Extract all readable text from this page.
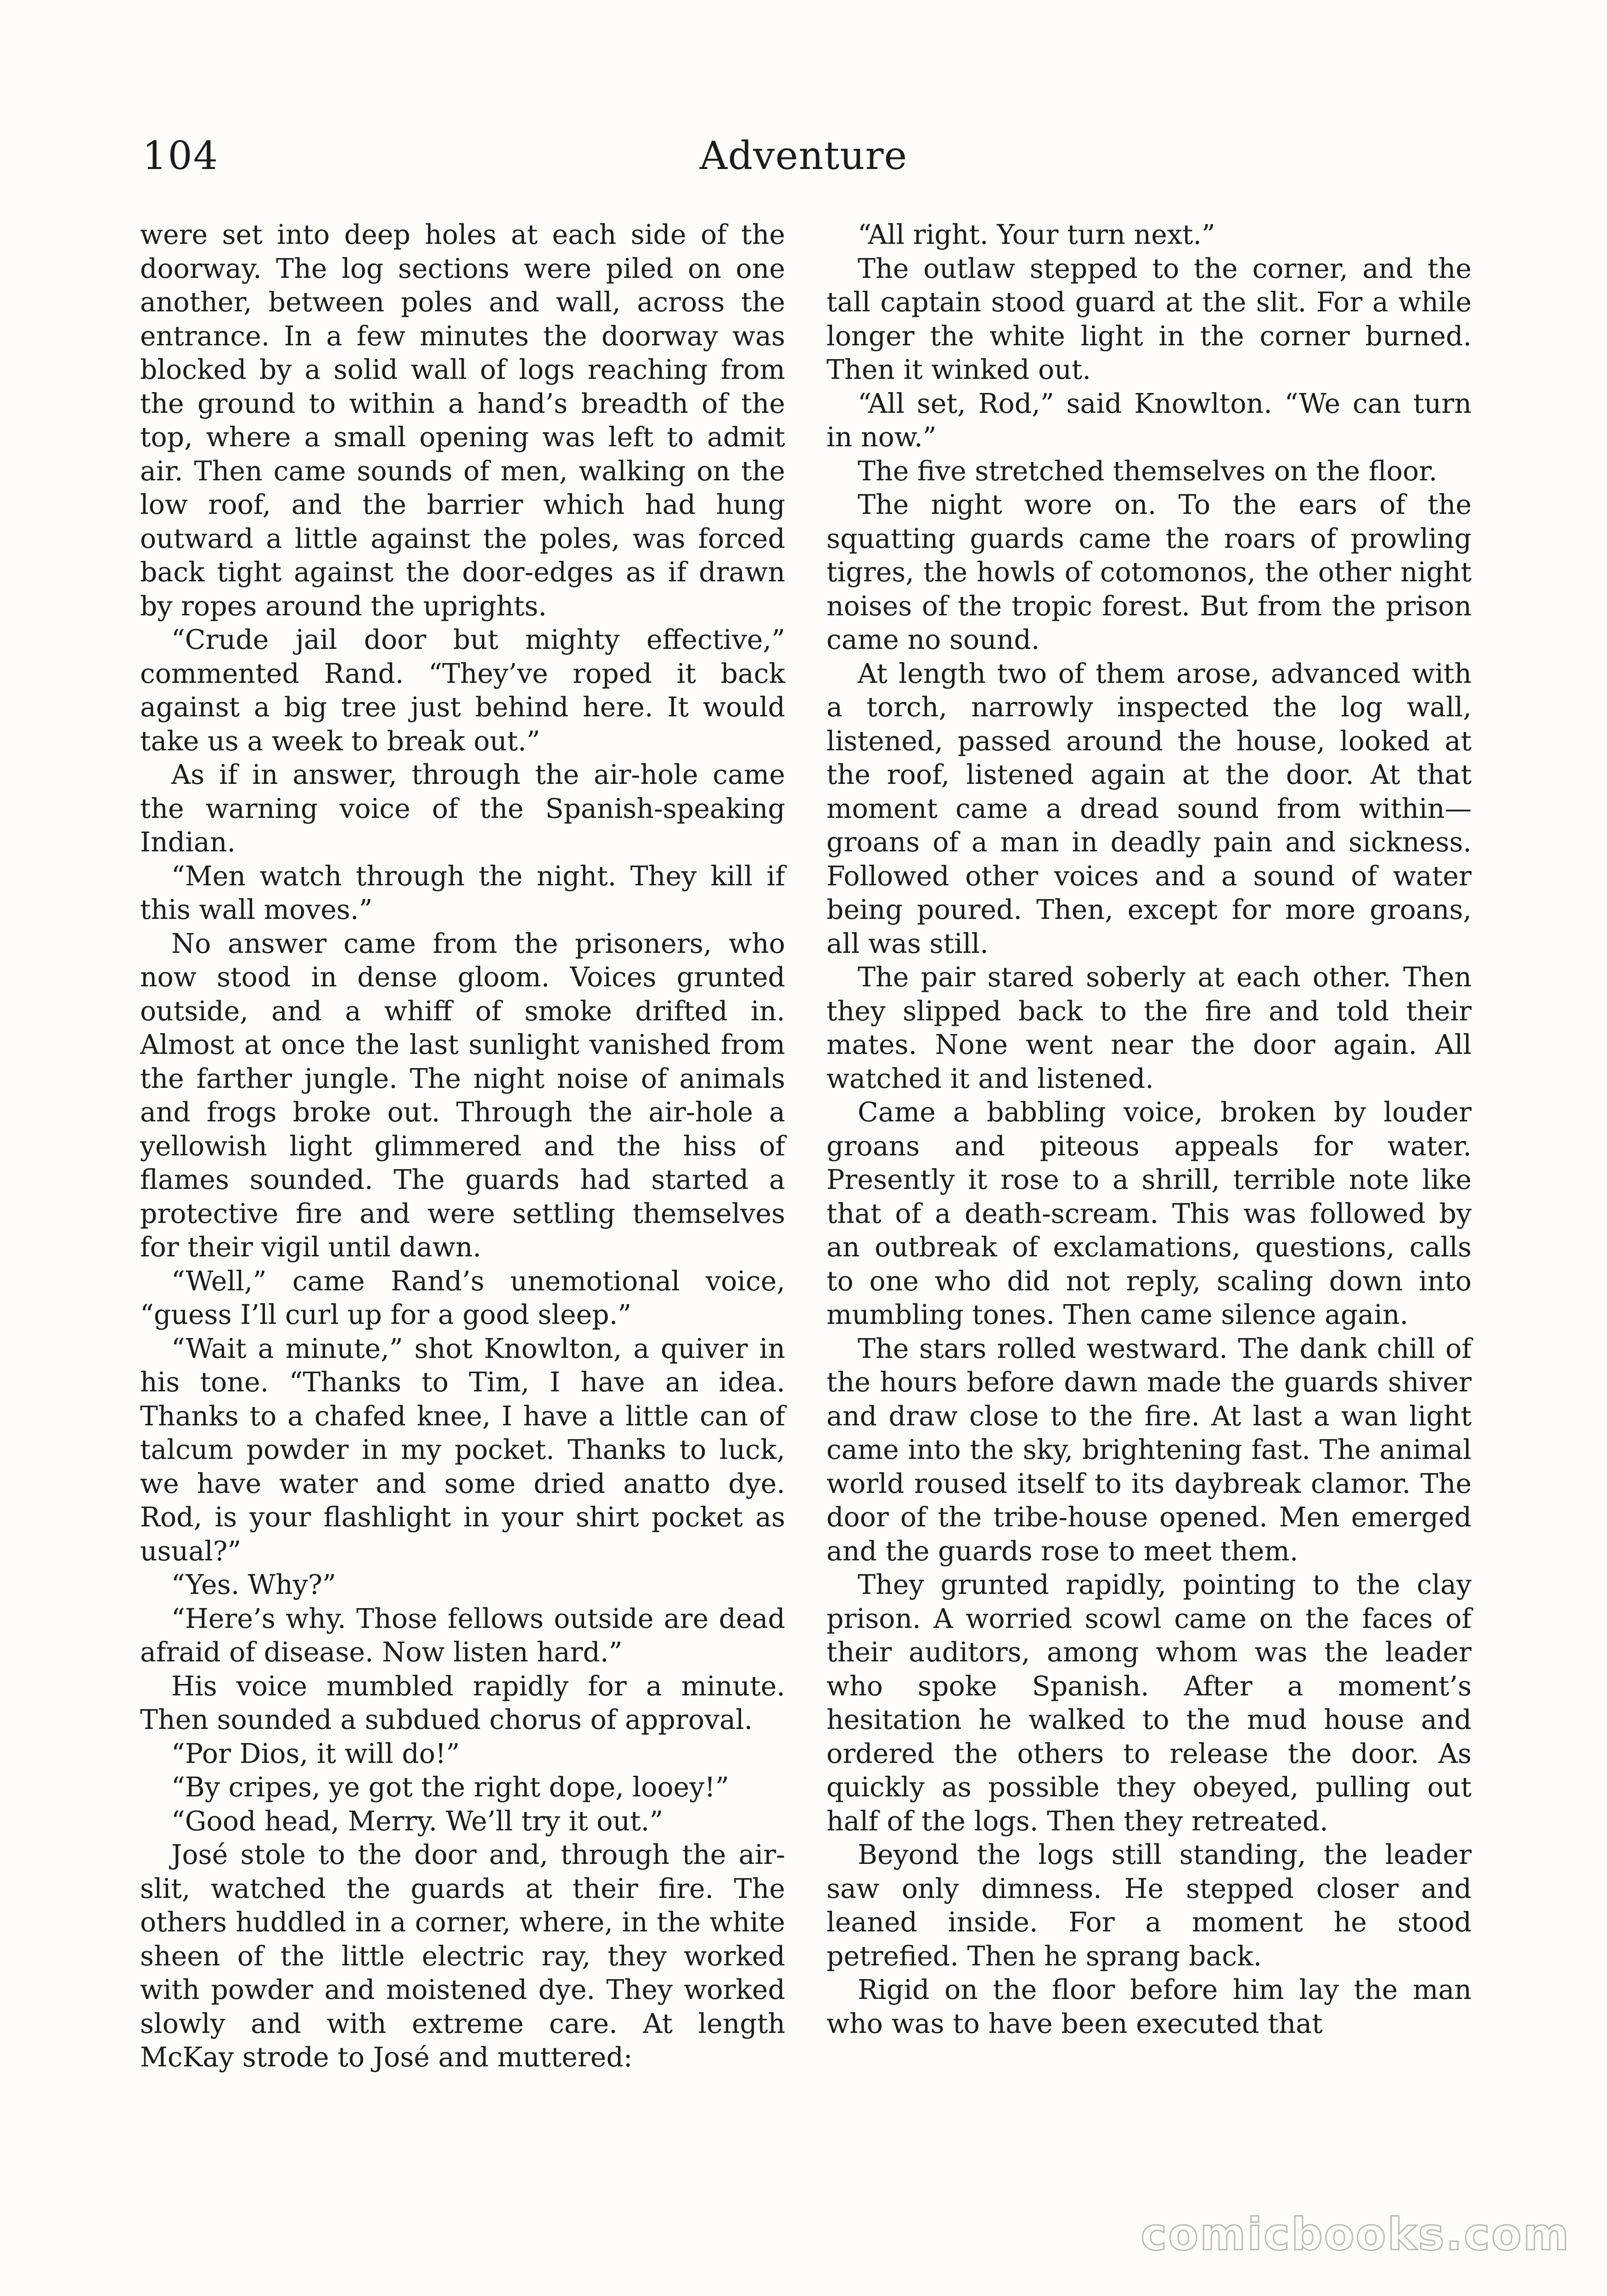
104	Adventure

were set into deep holes at each side of the doorway. The log sections were piled on one another, between poles and wall, across the entrance. In a few minutes the doorway was blocked by a solid wall of logs reaching from the ground to within a hand’s breadth of the top, where a small opening was left to admit air. Then came sounds of men, walking on the low roof, and the barrier which had hung outward a little against the poles, was forced back tight against the door-edges as if drawn by ropes around the uprights.

“Crude jail door but mighty effective,” commented Rand. “They’ve roped it back against a big tree just behind here. It would take us a week to break out.”

As if in answer, through the air-hole came the warning voice of the Spanish-speaking Indian.

“Men watch through the night. They kill if this wall moves.”

No answer came from the prisoners, who now stood in dense gloom. Voices grunted outside, and a whiff of smoke drifted in. Almost at once the last sunlight vanished from the farther jungle. The night noise of animals and frogs broke out. Through the air-hole a yellowish light glimmered and the hiss of flames sounded. The guards had started a protective fire and were settling themselves for their vigil until dawn.

“Well,” came Rand’s unemotional voice, “guess I’ll curl up for a good sleep.”

“Wait a minute,” shot Knowlton, a quiver in his tone. “Thanks to Tim, I have an idea. Thanks to a chafed knee, I have a little can of talcum powder in my pocket. Thanks to luck, we have water and some dried anatto dye. Rod, is your flashlight in your shirt pocket as usual?”

“Yes. Why?”

“Here’s why. Those fellows outside are dead afraid of disease. Now listen hard.”

His voice mumbled rapidly for a minute. Then sounded a subdued chorus of approval.

“Por Dios, it will do!”

“By cripes, ye got the right dope, looey!”

“Good head, Merry. We’ll try it out.”

José stole to the door and, through the air-slit, watched the guards at their fire. The others huddled in a corner, where, in the white sheen of the little electric ray, they worked with powder and moistened dye. They worked slowly and with extreme care. At length McKay strode to José and muttered:

“All right. Your turn next.”

The outlaw stepped to the corner, and the tall captain stood guard at the slit. For a while longer the white light in the corner burned. Then it winked out.

“All set, Rod,” said Knowlton. “We can turn in now.”

The five stretched themselves on the floor.

The night wore on. To the ears of the squatting guards came the roars of prowling tigres, the howls of cotomonos, the other night noises of the tropic forest. But from the prison came no sound.

At length two of them arose, advanced with a torch, narrowly inspected the log wall, listened, passed around the house, looked at the roof, listened again at the door. At that moment came a dread sound from within—groans of a man in deadly pain and sickness. Followed other voices and a sound of water being poured. Then, except for more groans, all was still.

The pair stared soberly at each other. Then they slipped back to the fire and told their mates. None went near the door again. All watched it and listened.

Came a babbling voice, broken by louder groans and piteous appeals for water. Presently it rose to a shrill, terrible note like that of a death-scream. This was followed by an outbreak of exclamations, questions, calls to one who did not reply, scaling down into mumbling tones. Then came silence again.

The stars rolled westward. The dank chill of the hours before dawn made the guards shiver and draw close to the fire. At last a wan light came into the sky, brightening fast. The animal world roused itself to its daybreak clamor. The door of the tribe-house opened. Men emerged and the guards rose to meet them.

They grunted rapidly, pointing to the clay prison. A worried scowl came on the faces of their auditors, among whom was the leader who spoke Spanish. After a moment’s hesitation he walked to the mud house and ordered the others to release the door. As quickly as possible they obeyed, pulling out half of the logs. Then they retreated.

Beyond the logs still standing, the leader saw only dimness. He stepped closer and leaned inside. For a moment he stood petrefied. Then he sprang back.

Rigid on the floor before him lay the man who was to have been executed that

comicbooks.com
